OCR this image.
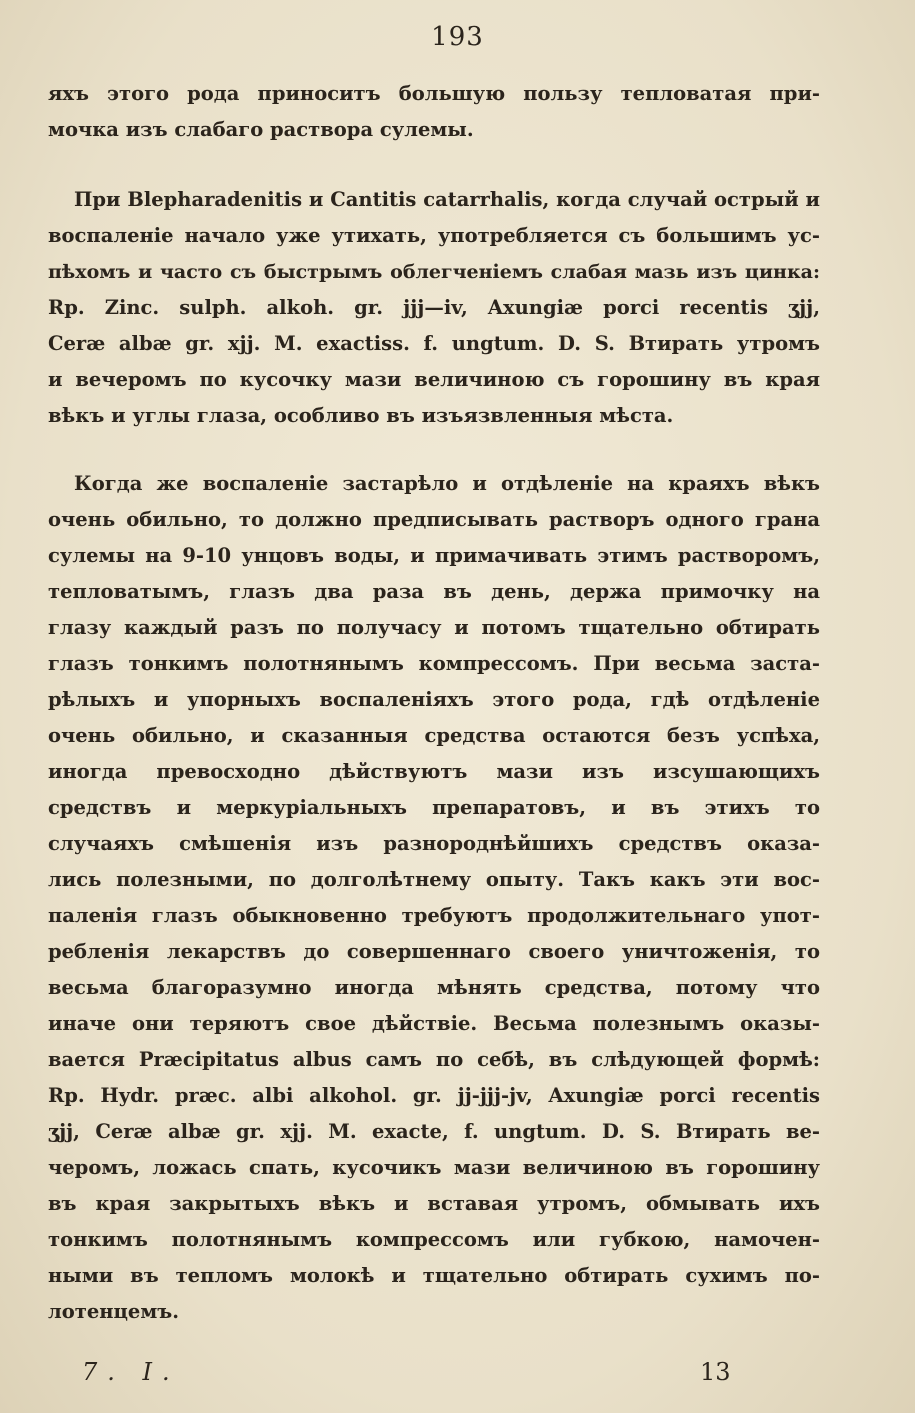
193
яхъ этого рода приноситъ большую пользу тепловатая при-
мочка изъ слабаго раствора сулемы.
При Blepharadenitis и Cantitis catarrhalis, когда случай острый и
воспаленіе начало уже утихать, употребляется съ большимъ ус-
пѣхомъ и часто съ быстрымъ облегченіемъ слабая мазь изъ цинка:
Rp. Zinc. sulph. alkoh. gr. jjj—iv, Axungiæ porci recentis ʒjj,
Ceræ albæ gr. xjj. M. exactiss. f. ungtum. D. S. Втирать утромъ
и вечеромъ по кусочку мази величиною съ горошину въ края
вѣкъ и углы глаза, особливо въ изъязвленныя мѣста.
Когда же воспаленіе застарѣло и отдѣленіе на краяхъ вѣкъ
очень обильно, то должно предписывать растворъ одного грана
сулемы на 9-10 унцовъ воды, и примачивать этимъ растворомъ,
тепловатымъ, глазъ два раза въ день, держа примочку на
глазу каждый разъ по получасу и потомъ тщательно обтирать
глазъ тонкимъ полотнянымъ компрессомъ. При весьма заста-
рѣлыхъ и упорныхъ воспаленіяхъ этого рода, гдѣ отдѣленіе
очень обильно, и сказанныя средства остаются безъ успѣха,
иногда превосходно дѣйствуютъ мази изъ изсушающихъ
средствъ и меркуріальныхъ препаратовъ, и въ этихъ то
случаяхъ смѣшенія изъ разнороднѣйшихъ средствъ оказа-
лись полезными, по долголѣтнему опыту. Такъ какъ эти вос-
паленія глазъ обыкновенно требуютъ продолжительнаго упот-
ребленія лекарствъ до совершеннаго своего уничтоженія, то
весьма благоразумно иногда мѣнять средства, потому что
иначе они теряютъ свое дѣйствіе. Весьма полезнымъ оказы-
вается Præcipitatus albus самъ по себѣ, въ слѣдующей формѣ:
Rp. Hydr. præc. albi alkohol. gr. jj-jjj-jv, Axungiæ porci recentis
ʒjj, Ceræ albæ gr. xjj. M. exacte, f. ungtum. D. S. Втирать ве-
черомъ, ложась спать, кусочикъ мази величиною въ горошину
въ края закрытыхъ вѣкъ и вставая утромъ, обмывать ихъ
тонкимъ полотнянымъ компрессомъ или губкою, намочен-
ными въ тепломъ молокѣ и тщательно обтирать сухимъ по-
лотенцемъ.
7. I.	13
